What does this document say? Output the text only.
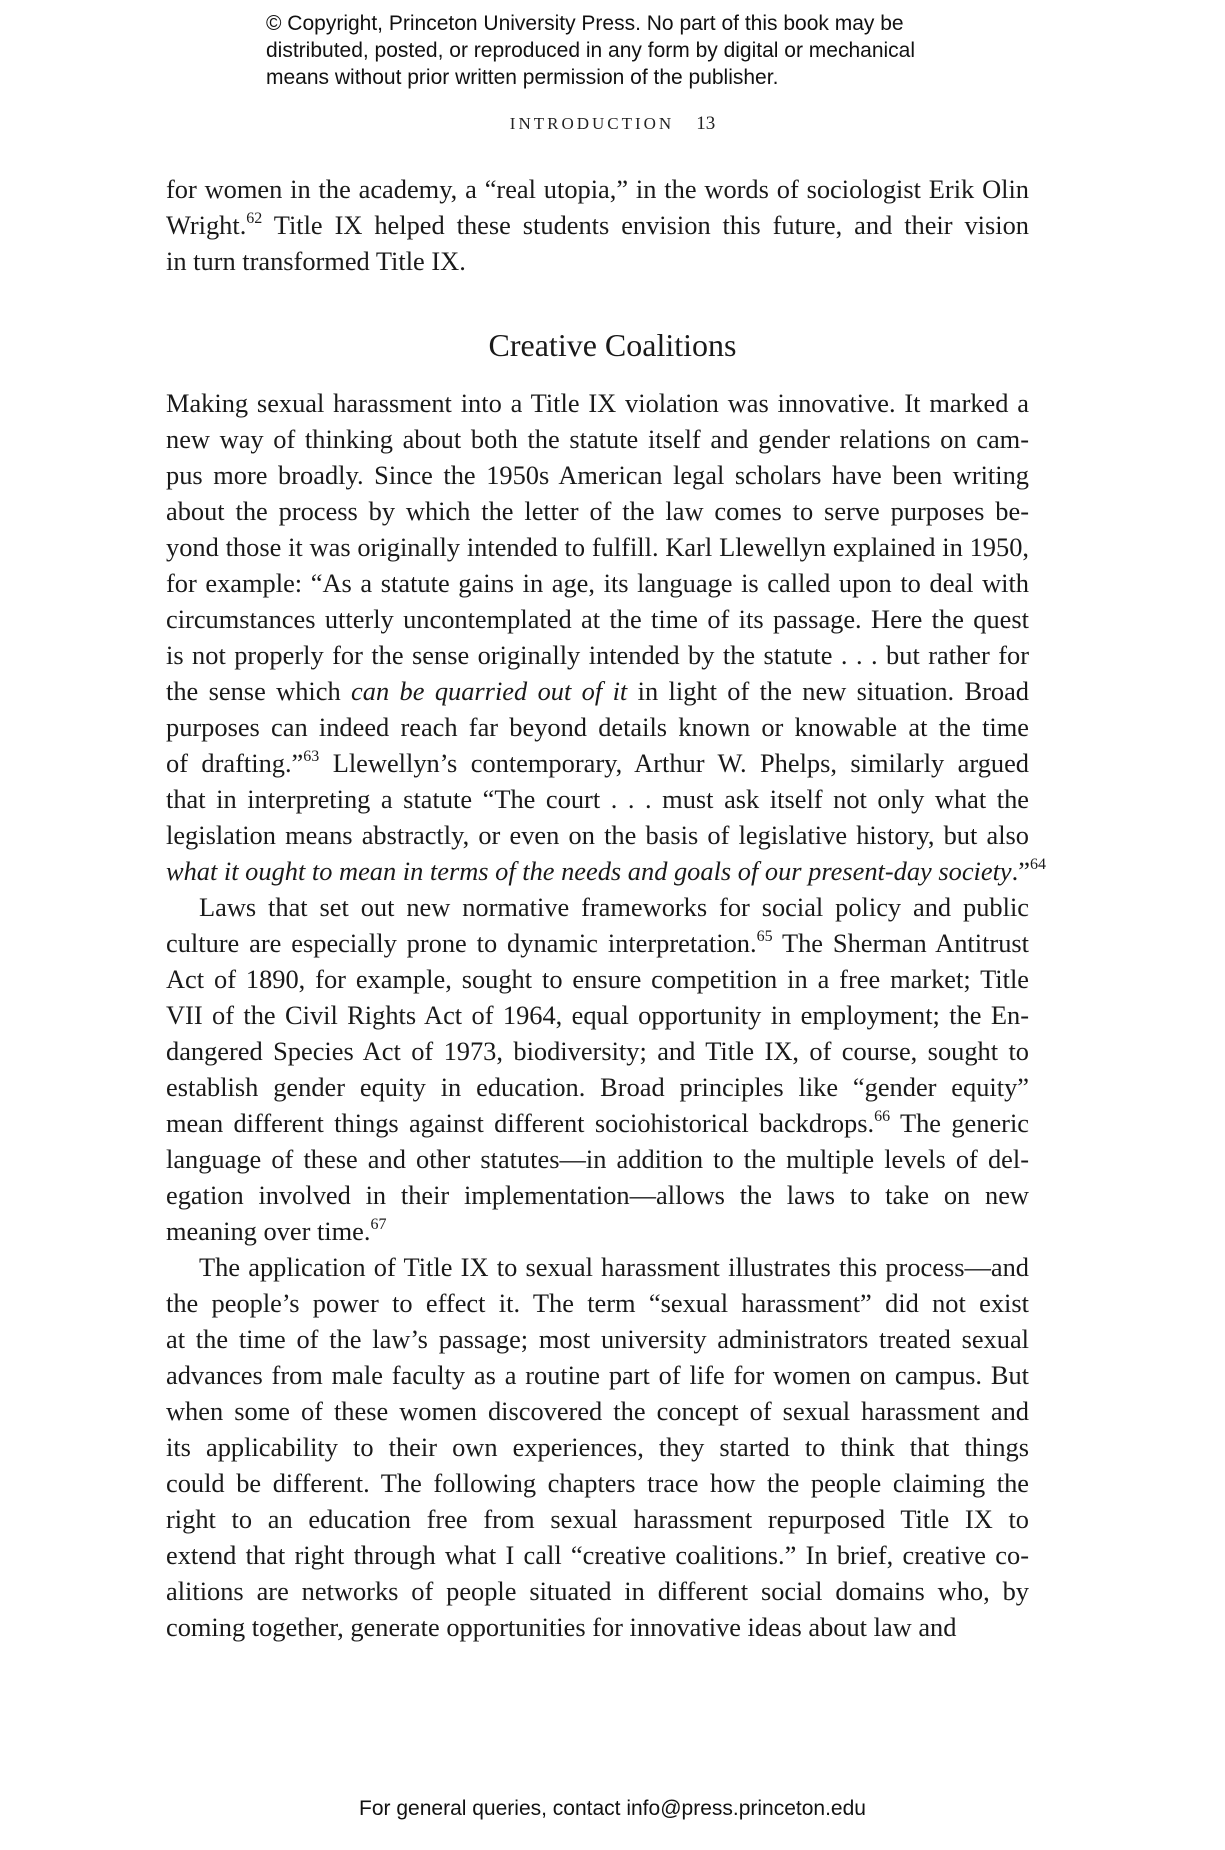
© Copyright, Princeton University Press. No part of this book may be
distributed, posted, or reproduced in any form by digital or mechanical
means without prior written permission of the publisher.
INTRODUCTION 13
for women in the academy, a “real utopia,” in the words of sociologist Erik Olin
Wright.$^{62}$ Title IX helped these students envision this future, and their vision
in turn transformed Title IX.
Creative Coalitions
Making sexual harassment into a Title IX violation was innovative. It marked a
new way of thinking about both the statute itself and gender relations on cam-
pus more broadly. Since the 1950s American legal scholars have been writing
about the process by which the letter of the law comes to serve purposes be-
yond those it was originally intended to fulfill. Karl Llewellyn explained in 1950,
for example: “As a statute gains in age, its language is called upon to deal with
circumstances utterly uncontemplated at the time of its passage. Here the quest
is not properly for the sense originally intended by the statute . . . but rather for
the sense which can be quarried out of it in light of the new situation. Broad
purposes can indeed reach far beyond details known or knowable at the time
of drafting.”$^{63}$ Llewellyn’s contemporary, Arthur W. Phelps, similarly argued
that in interpreting a statute “The court . . . must ask itself not only what the
legislation means abstractly, or even on the basis of legislative history, but also
what it ought to mean in terms of the needs and goals of our present-day society.”$^{64}$
Laws that set out new normative frameworks for social policy and public
culture are especially prone to dynamic interpretation.$^{65}$ The Sherman Antitrust
Act of 1890, for example, sought to ensure competition in a free market; Title
VII of the Civil Rights Act of 1964, equal opportunity in employment; the En-
dangered Species Act of 1973, biodiversity; and Title IX, of course, sought to
establish gender equity in education. Broad principles like “gender equity”
mean different things against different sociohistorical backdrops.$^{66}$ The generic
language of these and other statutes—in addition to the multiple levels of del-
egation involved in their implementation—allows the laws to take on new
meaning over time.$^{67}$
The application of Title IX to sexual harassment illustrates this process—and
the people’s power to effect it. The term “sexual harassment” did not exist
at the time of the law’s passage; most university administrators treated sexual
advances from male faculty as a routine part of life for women on campus. But
when some of these women discovered the concept of sexual harassment and
its applicability to their own experiences, they started to think that things
could be different. The following chapters trace how the people claiming the
right to an education free from sexual harassment repurposed Title IX to
extend that right through what I call “creative coalitions.” In brief, creative co-
alitions are networks of people situated in different social domains who, by
coming together, generate opportunities for innovative ideas about law and
For general queries, contact info@press.princeton.edu
